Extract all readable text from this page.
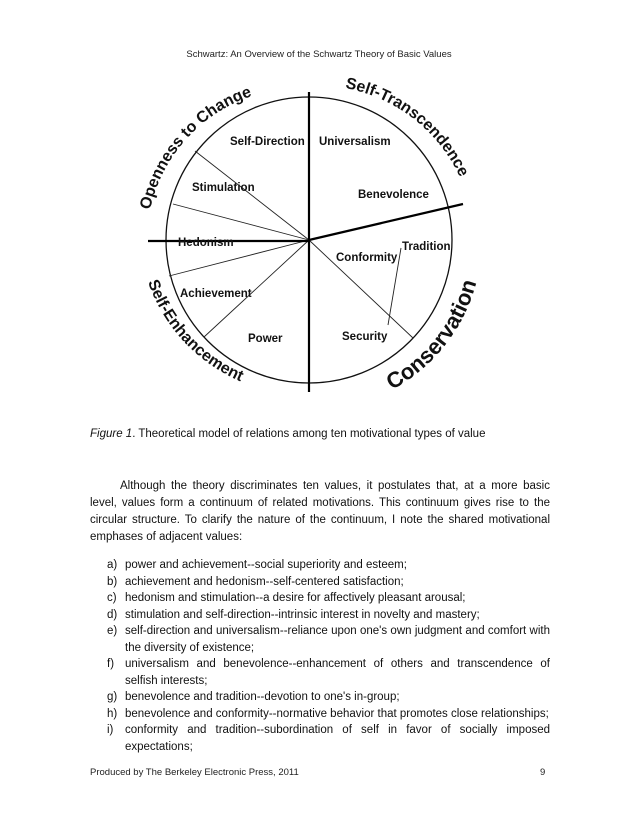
Schwartz: An Overview of the Schwartz Theory of Basic Values
Self-Direction Universalism
Stimulation
Benevolence
Hedonism	Tradition
Conformity
Achievement
Power	Security
Openness to Change	Self-Transcendence
Self-Enhancement	Conservation
Figure 1. Theoretical model of relations among ten motivational types of value

Although the theory discriminates ten values, it postulates that, at a more basic level, values form a continuum of related motivations. This continuum gives rise to the circular structure. To clarify the nature of the continuum, I note the shared motivational emphases of adjacent values:

a) power and achievement--social superiority and esteem;
b) achievement and hedonism--self-centered satisfaction;
c) hedonism and stimulation--a desire for affectively pleasant arousal;
d) stimulation and self-direction--intrinsic interest in novelty and mastery;
e) self-direction and universalism--reliance upon one's own judgment and comfort with the diversity of existence;
f) universalism and benevolence--enhancement of others and transcendence of selfish interests;
g) benevolence and tradition--devotion to one's in-group;
h) benevolence and conformity--normative behavior that promotes close relationships;
i) conformity and tradition--subordination of self in favor of socially imposed expectations;
Produced by The Berkeley Electronic Press, 2011	9
